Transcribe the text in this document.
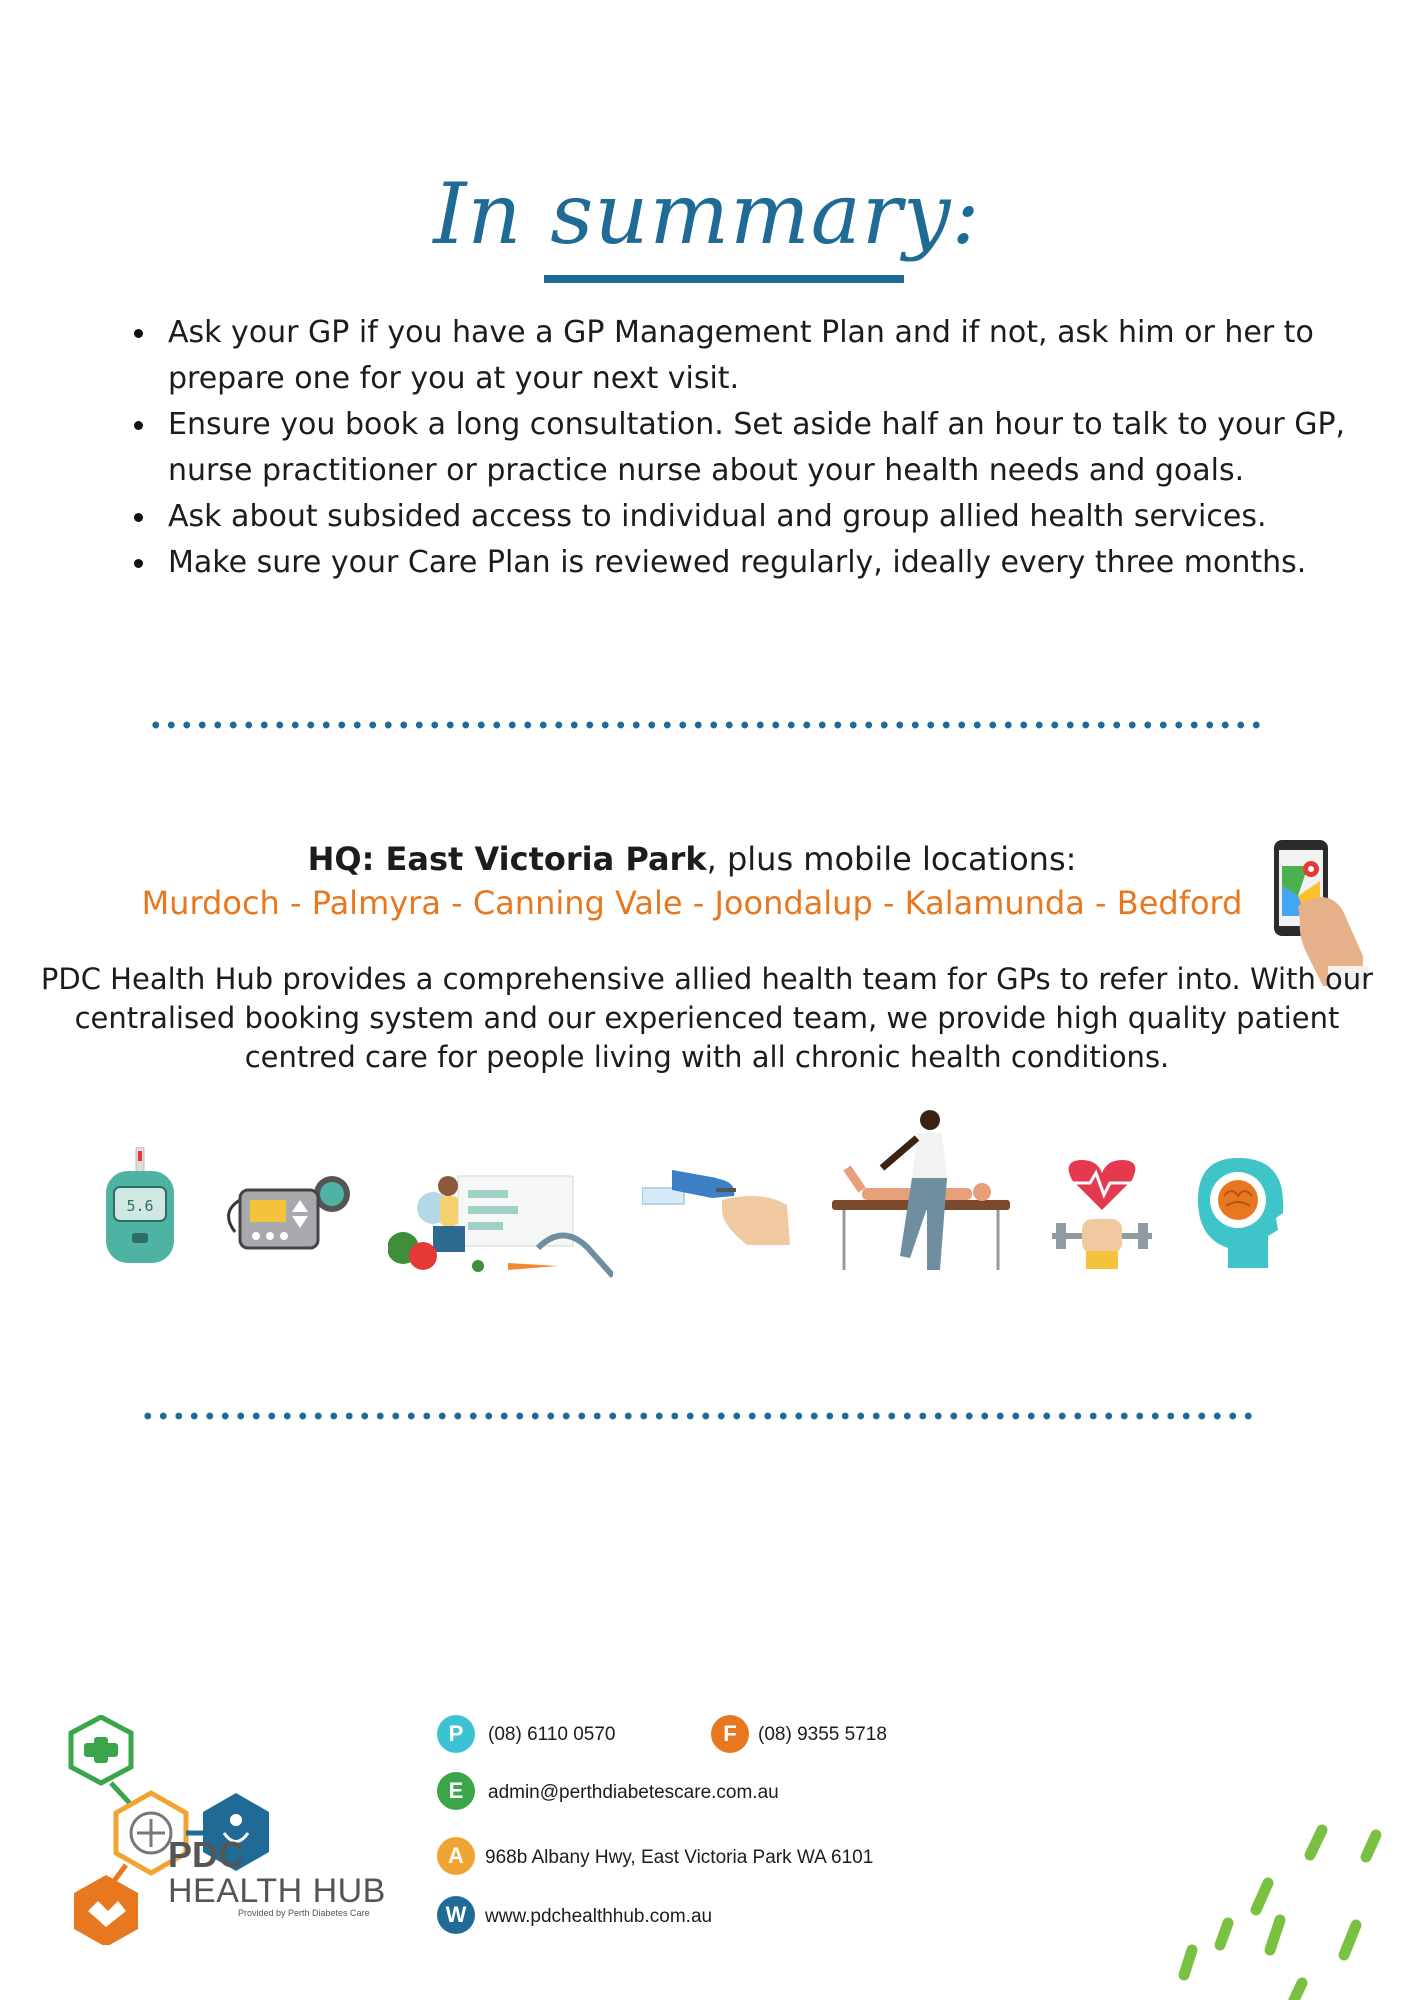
In summary:
Ask your GP if you have a GP Management Plan and if not, ask him or her to prepare one for you at your next visit.
Ensure you book a long consultation. Set aside half an hour to talk to your GP, nurse practitioner or practice nurse about your health needs and goals.
Ask about subsided access to individual and group allied health services.
Make sure your Care Plan is reviewed regularly, ideally every three months.
HQ: East Victoria Park, plus mobile locations:
Murdoch - Palmyra - Canning Vale - Joondalup - Kalamunda - Bedford
PDC Health Hub provides a comprehensive allied health team for GPs to refer into. With our centralised booking system and our experienced team, we provide high quality patient centred care for people living with all chronic health conditions.
5.6
PDC
HEALTH HUB
Provided by Perth Diabetes Care
P	(08) 6110 0570	F	(08) 9355 5718
E	admin@perthdiabetescare.com.au
A	968b Albany Hwy, East Victoria Park WA 6101
W www.pdchealthhub.com.au
